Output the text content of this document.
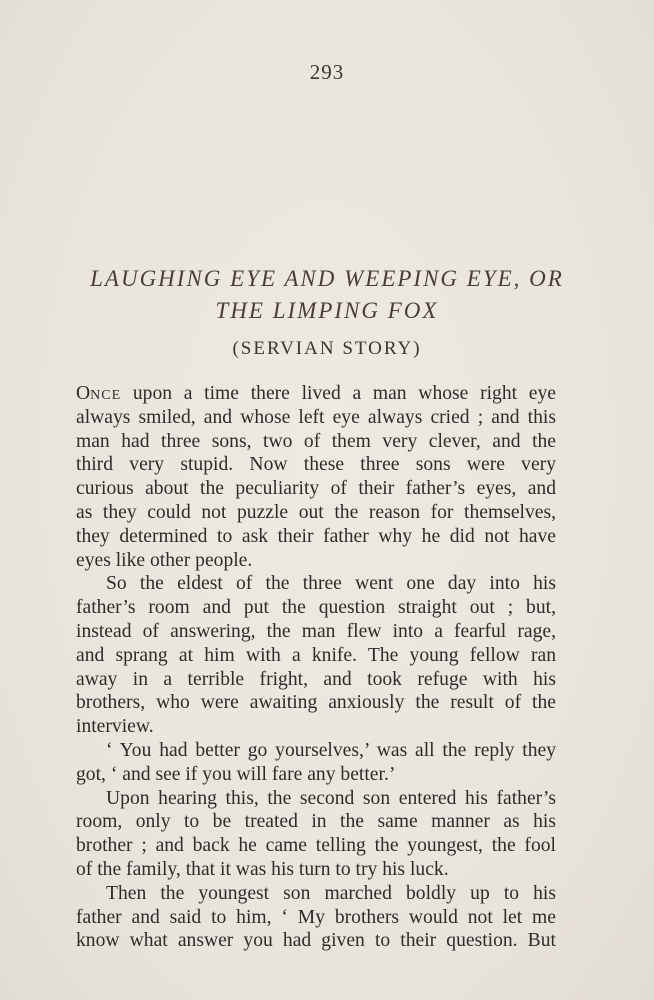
293
LAUGHING EYE AND WEEPING EYE, OR
THE LIMPING FOX
(SERVIAN STORY)
ONCE upon a time there lived a man whose right eye
always smiled, and whose left eye always cried ; and this
man had three sons, two of them very clever, and the
third very stupid. Now these three sons were very
curious about the peculiarity of their father’s eyes, and
as they could not puzzle out the reason for themselves,
they determined to ask their father why he did not have
eyes like other people.
So the eldest of the three went one day into his
father’s room and put the question straight out ; but,
instead of answering, the man flew into a fearful rage,
and sprang at him with a knife. The young fellow ran
away in a terrible fright, and took refuge with his
brothers, who were awaiting anxiously the result of the
interview.
‘ You had better go yourselves,’ was all the reply they
got, ‘ and see if you will fare any better.’
Upon hearing this, the second son entered his father’s
room, only to be treated in the same manner as his
brother ; and back he came telling the youngest, the fool
of the family, that it was his turn to try his luck.
Then the youngest son marched boldly up to his
father and said to him, ‘ My brothers would not let me
know what answer you had given to their question. But
